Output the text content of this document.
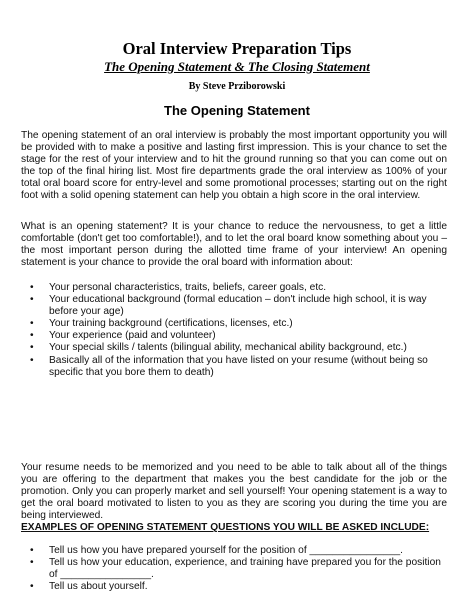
Oral Interview Preparation Tips
The Opening Statement & The Closing Statement
By Steve Prziborowski
The Opening Statement

The opening statement of an oral interview is probably the most important opportunity you will be provided with to make a positive and lasting first impression. This is your chance to set the stage for the rest of your interview and to hit the ground running so that you can come out on the top of the final hiring list. Most fire departments grade the oral interview as 100% of your total oral board score for entry-level and some promotional processes; starting out on the right foot with a solid opening statement can help you obtain a high score in the oral interview.

What is an opening statement? It is your chance to reduce the nervousness, to get a little comfortable (don't get too comfortable!), and to let the oral board know something about you – the most important person during the allotted time frame of your interview! An opening statement is your chance to provide the oral board with information about:

• Your personal characteristics, traits, beliefs, career goals, etc.
• Your educational background (formal education – don't include high school, it is way before your age)
• Your training background (certifications, licenses, etc.)
• Your experience (paid and volunteer)
• Your special skills / talents (bilingual ability, mechanical ability background, etc.)
• Basically all of the information that you have listed on your resume (without being so specific that you bore them to death)

Your resume needs to be memorized and you need to be able to talk about all of the things you are offering to the department that makes you the best candidate for the job or the promotion. Only you can properly market and sell yourself! Your opening statement is a way to get the oral board motivated to listen to you as they are scoring you during the time you are being interviewed.

EXAMPLES OF OPENING STATEMENT QUESTIONS YOU WILL BE ASKED INCLUDE:

• Tell us how you have prepared yourself for the position of ________________.
• Tell us how your education, experience, and training have prepared you for the position of ________________.
• Tell us about yourself.
